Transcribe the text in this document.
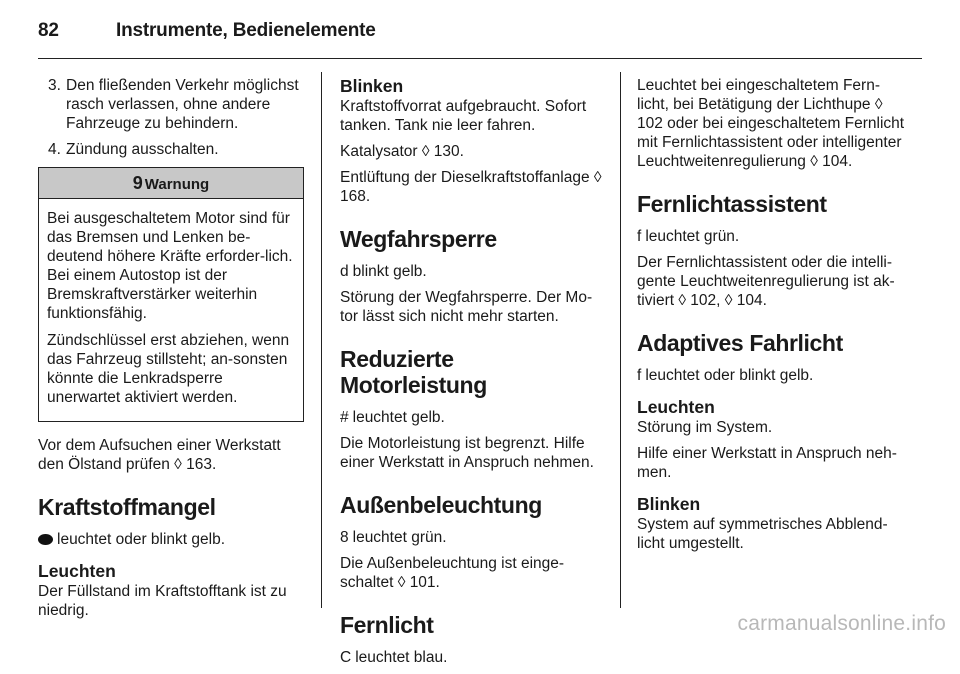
82	Instrumente, Bedienelemente
3. Den fließenden Verkehr möglichst rasch verlassen, ohne andere Fahrzeuge zu behindern.
4. Zündung ausschalten.
9 Warnung

Bei ausgeschaltetem Motor sind für das Bremsen und Lenken be-deutend höhere Kräfte erforder-lich. Bei einem Autostop ist der Bremskraftverstärker weiterhin funktionsfähig.

Zündschlüssel erst abziehen, wenn das Fahrzeug stillsteht; an-sonsten könnte die Lenkradsperre unerwartet aktiviert werden.

Vor dem Aufsuchen einer Werkstatt den Ölstand prüfen ◊ 163.

Kraftstoffmangel

leuchtet oder blinkt gelb.

Leuchten

Der Füllstand im Kraftstofftank ist zu niedrig.

Blinken

Kraftstoffvorrat aufgebraucht. Sofort tanken. Tank nie leer fahren.

Katalysator ◊ 130.

Entlüftung der Dieselkraftstoffanlage ◊ 168.

Wegfahrsperre

d blinkt gelb.

Störung der Wegfahrsperre. Der Mo-tor lässt sich nicht mehr starten.

Reduzierte Motorleistung

# leuchtet gelb.

Die Motorleistung ist begrenzt. Hilfe einer Werkstatt in Anspruch nehmen.

Außenbeleuchtung

8 leuchtet grün.

Die Außenbeleuchtung ist einge-schaltet ◊ 101.

Fernlicht

C leuchtet blau.

Leuchtet bei eingeschaltetem Fern-licht, bei Betätigung der Lichthupe ◊ 102 oder bei eingeschaltetem Fernlicht mit Fernlichtassistent oder intelligenter Leuchtweitenregulierung ◊ 104.

Fernlichtassistent

f leuchtet grün.

Der Fernlichtassistent oder die intelli-gente Leuchtweitenregulierung ist ak-tiviert ◊ 102, ◊ 104.

Adaptives Fahrlicht

f leuchtet oder blinkt gelb.

Leuchten

Störung im System.

Hilfe einer Werkstatt in Anspruch neh-men.

Blinken

System auf symmetrisches Abblend-licht umgestellt.

carmanualsonline.info
